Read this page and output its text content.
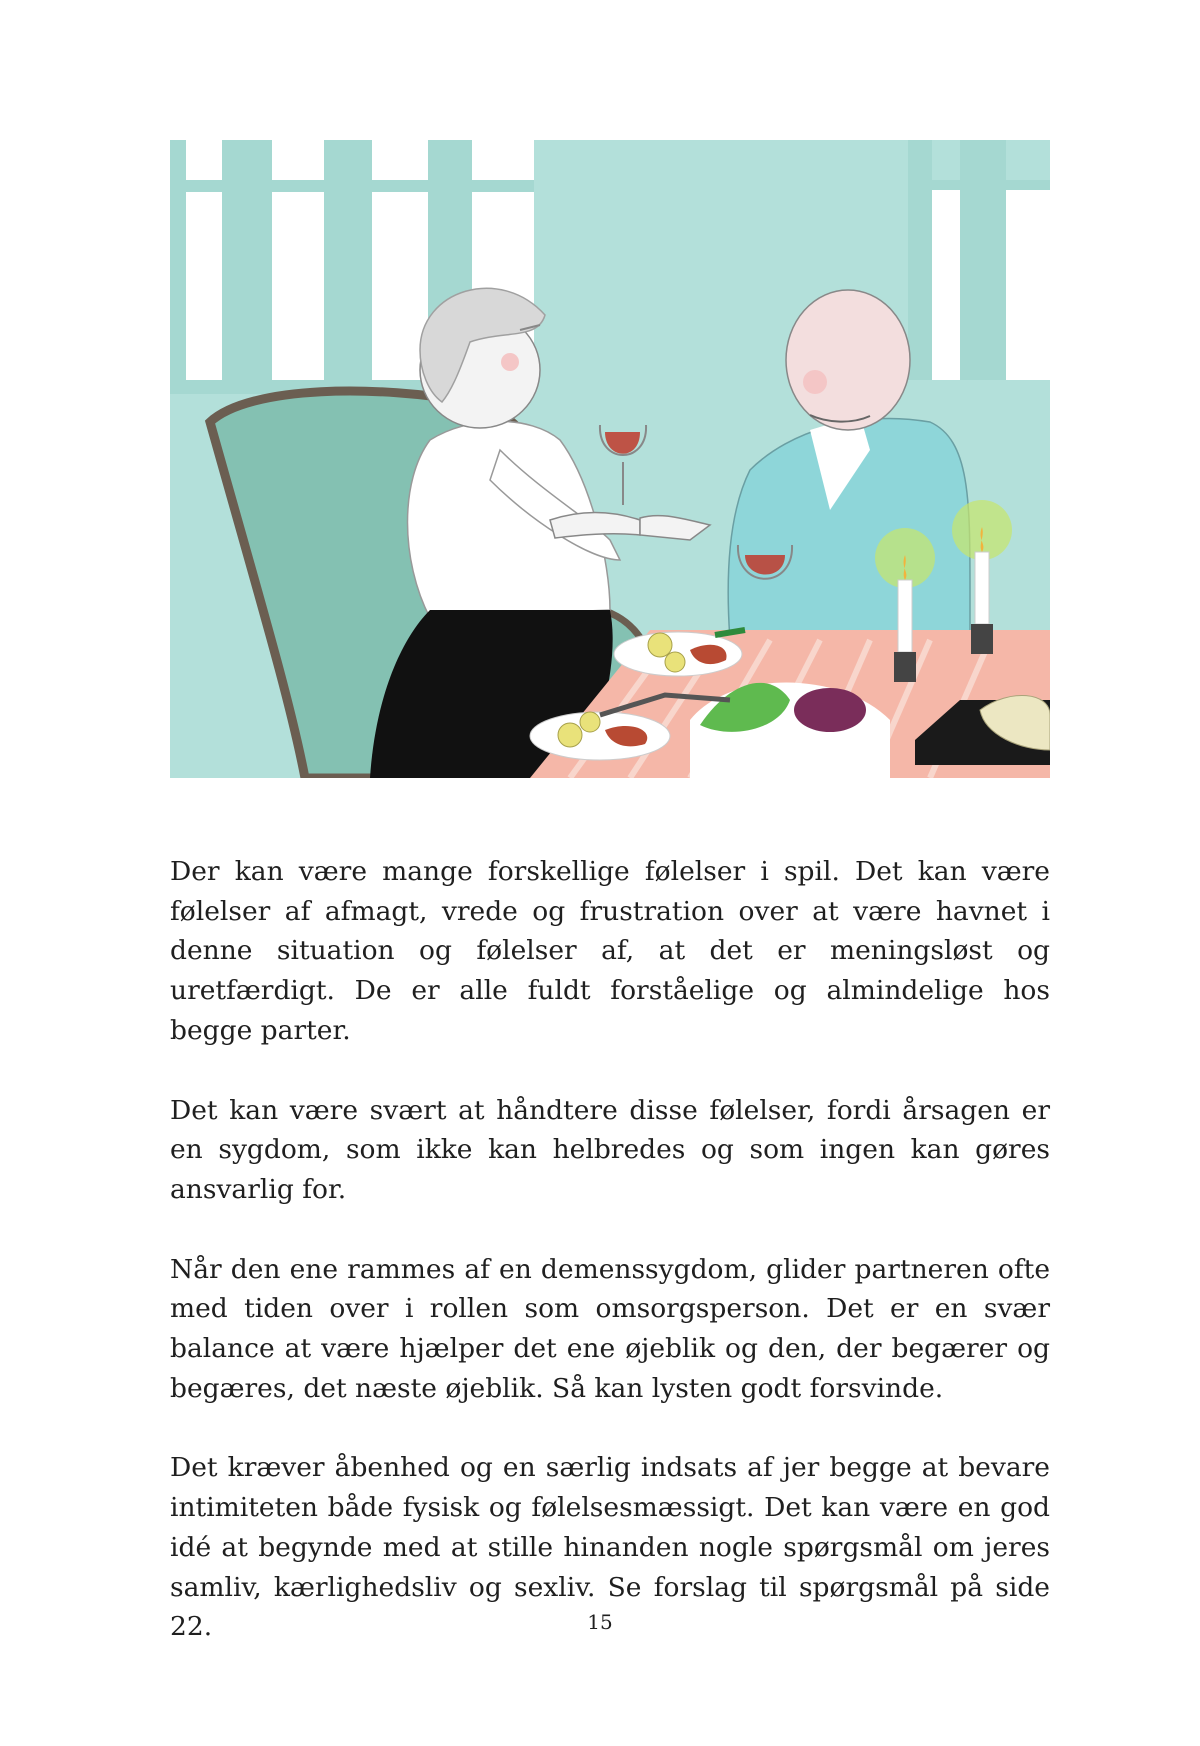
Der kan være mange forskellige følelser i spil. Det kan være følelser af afmagt, vrede og frustration over at være havnet i denne situation og følelser af, at det er meningsløst og uretfærdigt. De er alle fuldt forståelige og almindelige hos begge parter.

Det kan være svært at håndtere disse følelser, fordi årsagen er en sygdom, som ikke kan helbredes og som ingen kan gøres ansvarlig for.

Når den ene rammes af en demenssygdom, glider partneren ofte med tiden over i rollen som omsorgsperson. Det er en svær balance at være hjælper det ene øjeblik og den, der begærer og begæres, det næste øjeblik. Så kan lysten godt forsvinde.

Det kræver åbenhed og en særlig indsats af jer begge at bevare intimiteten både fysisk og følelsesmæssigt. Det kan være en god idé at begynde med at stille hinanden nogle spørgsmål om jeres samliv, kærlighedsliv og sexliv. Se forslag til spørgsmål på side 22.	15
